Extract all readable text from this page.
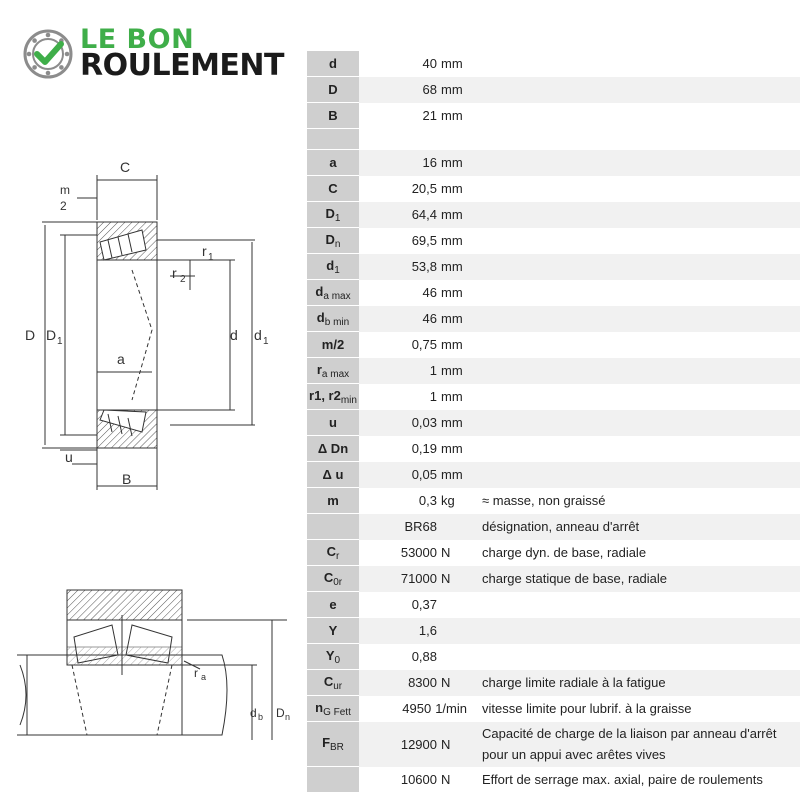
LE BON
ROULEMENT
C
m
2
r 1
r 2
D D 1	d d 1
a
u
B
r a
d b D n
d	40 mm	

D	68 mm	

B	21 mm	

a	16 mm	

C	20,5 mm	

$D_1$	64,4 mm	

$D_n$	69,5 mm	

$d_1$	53,8 mm	

$d_{a max}$	46 mm	

$d_{b min}$	46 mm	

m/2	0,75 mm	

$r_{a max}$	1 mm	

r1, $r2_{min}$	1 mm	

u	0,03 mm	

Δ Dn	0,19 mm	

Δ u	0,05 mm	

m	0,3 kg	≈ masse, non graissé

	BR68	désignation, anneau d'arrêt

$C_r$	53000 N	charge dyn. de base, radiale

$C_{0r}$	71000 N	charge statique de base, radiale

e	0,37	

Y	1,6	

$Y_0$	0,88	

$C_{ur}$	8300 N	charge limite radiale à la fatigue

$n_{G Fett}$	4950 1/min	vitesse limite pour lubrif. à la graisse

$F_{BR}$	12900 N	Capacité de charge de la liaison par anneau d'arrêt
pour un appui avec arêtes vives

	10600 N	Effort de serrage max. axial, paire de roulements
